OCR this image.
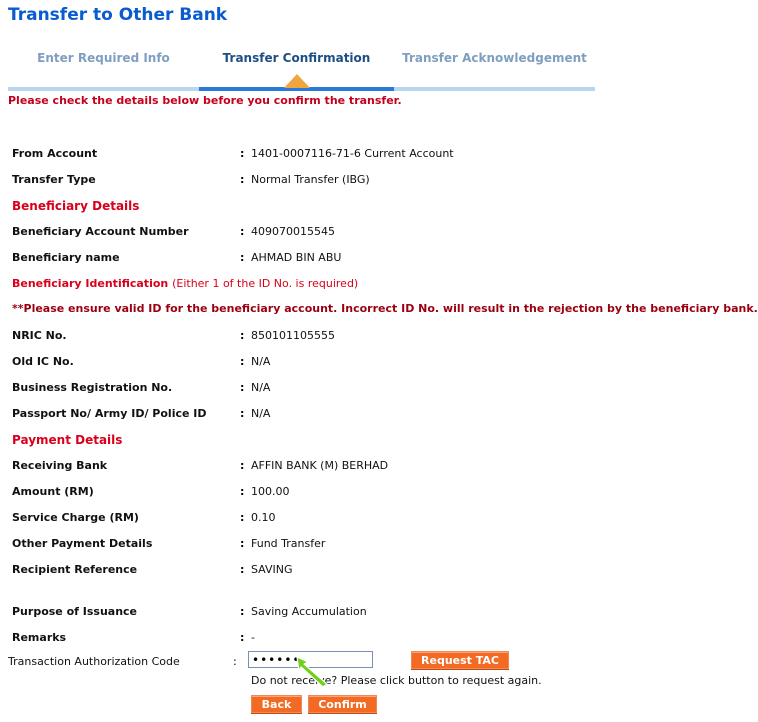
Transfer to Other Bank
Enter Required Info	Transfer Confirmation	Transfer Acknowledgement
Please check the details below before you confirm the transfer.
From Account	: 1401-0007116-71-6 Current Account
Transfer Type	: Normal Transfer (IBG)
Beneficiary Details
Beneficiary Account Number	: 409070015545
Beneficiary name	: AHMAD BIN ABU
Beneficiary Identification (Either 1 of the ID No. is required)
**Please ensure valid ID for the beneficiary account. Incorrect ID No. will result in the rejection by the beneficiary bank.
NRIC No.	: 850101105555
Old IC No.	: N/A
Business Registration No.	: N/A
Passport No/ Army ID/ Police ID	: N/A
Payment Details
Receiving Bank	: AFFIN BANK (M) BERHAD
Amount (RM)	: 100.00
Service Charge (RM)	: 0.10
Other Payment Details	: Fund Transfer
Recipient Reference	: SAVING
Purpose of Issuance	: Saving Accumulation
Remarks	: -
Transaction Authorization Code	:
••••••	Request TAC
Do not receive? Please click button to request again.
Back	Confirm
